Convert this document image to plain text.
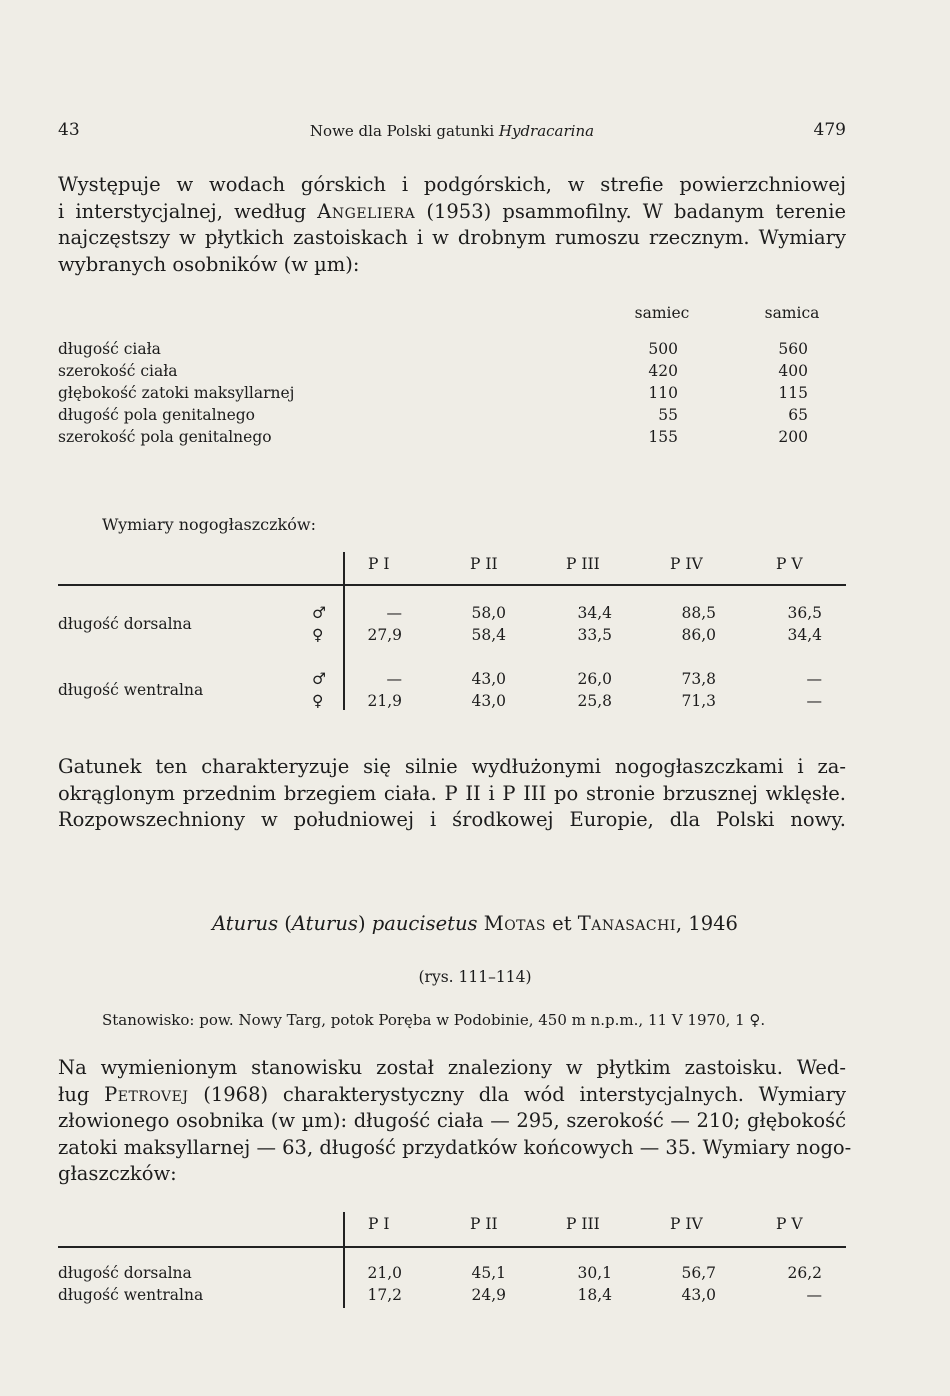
43	Nowe dla Polski gatunki Hydracarina	479
Występuje w wodach górskich i podgórskich, w strefie powierzchniowej
i interstycjalnej, według Angeliera (1953) psammofilny. W badanym terenie
najczęstszy w płytkich zastoiskach i w drobnym rumoszu rzecznym. Wymiary
wybranych osobników (w µm):
samiec	samica
długość ciała	500	560
szerokość ciała	420	400
głębokość zatoki maksyllarnej	110	115
długość pola genitalnego	55	65
szerokość pola genitalnego	155	200
Wymiary nogogłaszczków:
P I	P II	P III	P IV	P V
długość dorsalna
♂	—	58,0	34,4	88,5	36,5
♀	27,9	58,4	33,5	86,0	34,4
długość wentralna
♂	—	43,0	26,0	73,8	—
♀	21,9	43,0	25,8	71,3	—
Gatunek ten charakteryzuje się silnie wydłużonymi nogogłaszczkami i za-
okrąglonym przednim brzegiem ciała. P II i P III po stronie brzusznej wklęsłe.
Rozpowszechniony w południowej i środkowej Europie, dla Polski nowy.
Aturus (Aturus) paucisetus Motas et Tanasachi, 1946
(rys. 111–114)
Stanowisko: pow. Nowy Targ, potok Poręba w Podobinie, 450 m n.p.m., 11 V 1970, 1 ♀.
Na wymienionym stanowisku został znaleziony w płytkim zastoisku. Wed-
ług Petrovej (1968) charakterystyczny dla wód interstycjalnych. Wymiary
złowionego osobnika (w µm): długość ciała — 295, szerokość — 210; głębokość
zatoki maksyllarnej — 63, długość przydatków końcowych — 35. Wymiary nogo-
głaszczków:
P I	P II	P III	P IV	P V
długość dorsalna	21,0	45,1	30,1	56,7	26,2
długość wentralna	17,2	24,9	18,4	43,0	—
